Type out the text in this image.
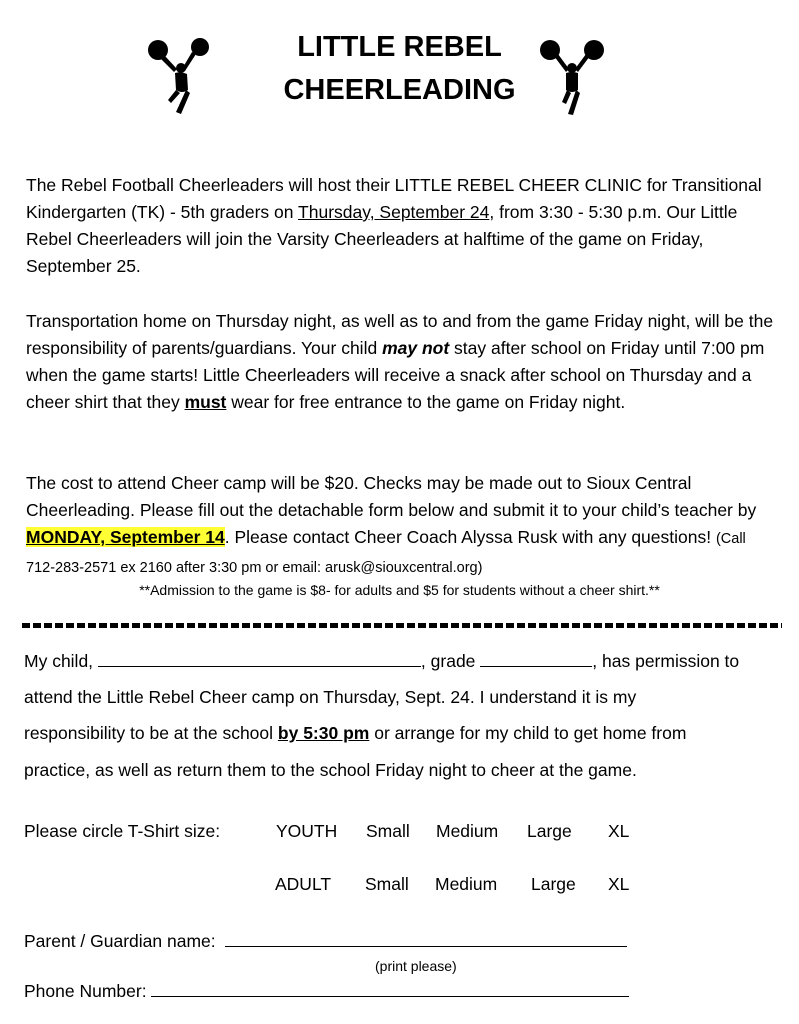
LITTLE REBEL
CHEERLEADING
The Rebel Football Cheerleaders will host their LITTLE REBEL CHEER CLINIC for Transitional Kindergarten (TK) - 5th graders on Thursday, September 24, from 3:30 - 5:30 p.m. Our Little Rebel Cheerleaders will join the Varsity Cheerleaders at halftime of the game on Friday, September 25.
Transportation home on Thursday night, as well as to and from the game Friday night, will be the responsibility of parents/guardians. Your child may not stay after school on Friday until 7:00 pm when the game starts! Little Cheerleaders will receive a snack after school on Thursday and a cheer shirt that they must wear for free entrance to the game on Friday night.
The cost to attend Cheer camp will be $20. Checks may be made out to Sioux Central Cheerleading. Please fill out the detachable form below and submit it to your child’s teacher by MONDAY, September 14. Please contact Cheer Coach Alyssa Rusk with any questions! (Call 712-283-2571 ex 2160 after 3:30 pm or email: arusk@siouxcentral.org)
**Admission to the game is $8- for adults and $5 for students without a cheer shirt.**
My child,	, grade	, has permission to
attend the Little Rebel Cheer camp on Thursday, Sept. 24. I understand it is my
responsibility to be at the school by 5:30 pm or arrange for my child to get home from
practice, as well as return them to the school Friday night to cheer at the game.
Please circle T-Shirt size:	YOUTH Small Medium Large XL
ADULT Small Medium Large XL
Parent / Guardian name:
(print please)
Phone Number:
